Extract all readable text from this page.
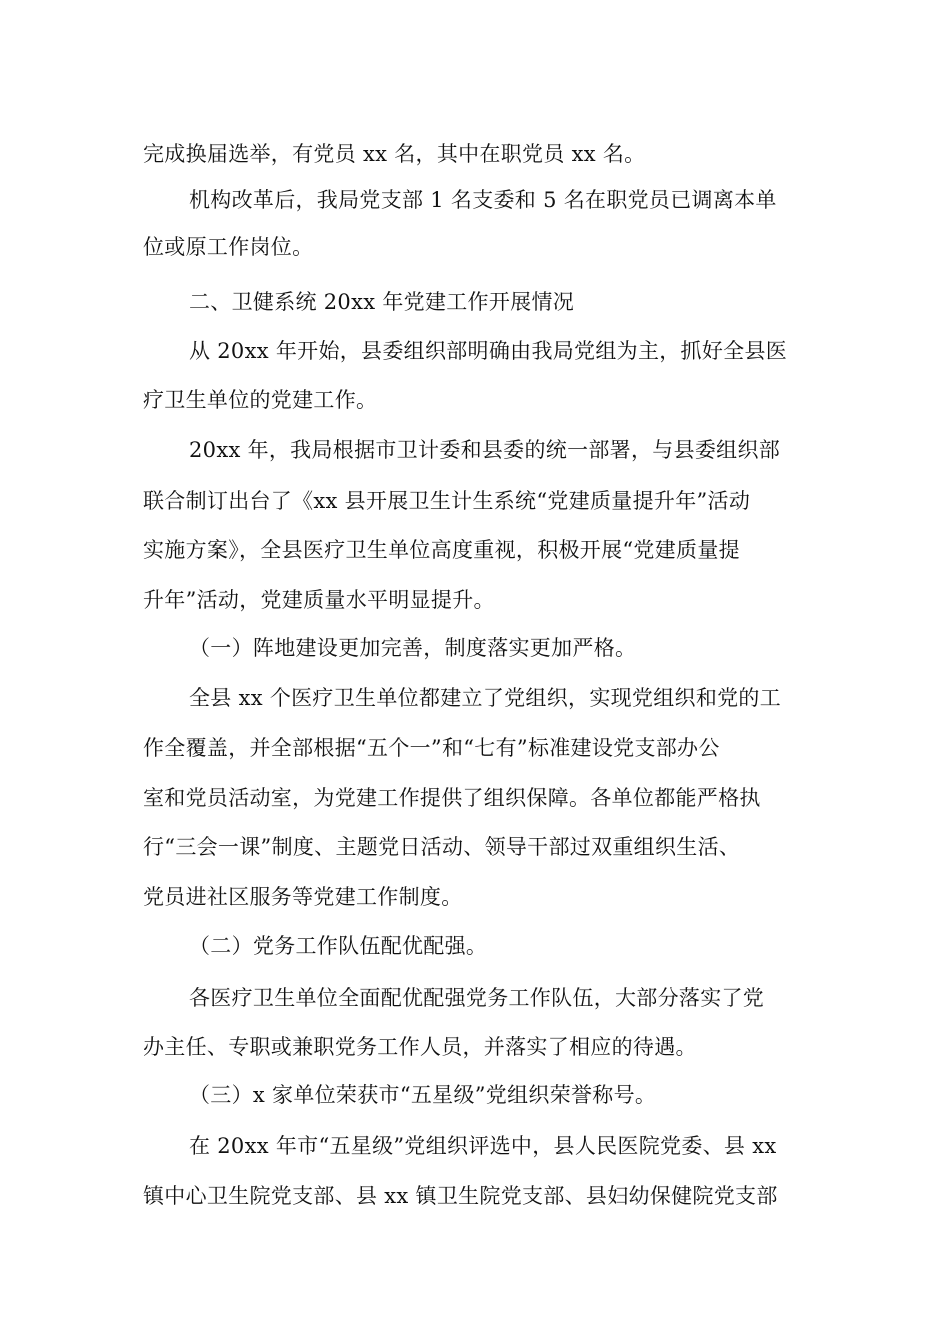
完成换届选举，有党员 xx 名，其中在职党员 xx 名。
机构改革后，我局党支部 1 名支委和 5 名在职党员已调离本单
位或原工作岗位。
二、卫健系统 20xx 年党建工作开展情况
从 20xx 年开始，县委组织部明确由我局党组为主，抓好全县医
疗卫生单位的党建工作。
20xx 年，我局根据市卫计委和县委的统一部署，与县委组织部
联合制订出台了《xx 县开展卫生计生系统“党建质量提升年”活动
实施方案》，全县医疗卫生单位高度重视，积极开展“党建质量提
升年”活动，党建质量水平明显提升。
（一）阵地建设更加完善，制度落实更加严格。
全县 xx 个医疗卫生单位都建立了党组织，实现党组织和党的工
作全覆盖，并全部根据“五个一”和“七有”标准建设党支部办公
室和党员活动室，为党建工作提供了组织保障。各单位都能严格执
行“三会一课”制度、主题党日活动、领导干部过双重组织生活、
党员进社区服务等党建工作制度。
（二）党务工作队伍配优配强。
各医疗卫生单位全面配优配强党务工作队伍，大部分落实了党
办主任、专职或兼职党务工作人员，并落实了相应的待遇。
（三）x 家单位荣获市“五星级”党组织荣誉称号。
在 20xx 年市“五星级”党组织评选中，县人民医院党委、县 xx
镇中心卫生院党支部、县 xx 镇卫生院党支部、县妇幼保健院党支部
